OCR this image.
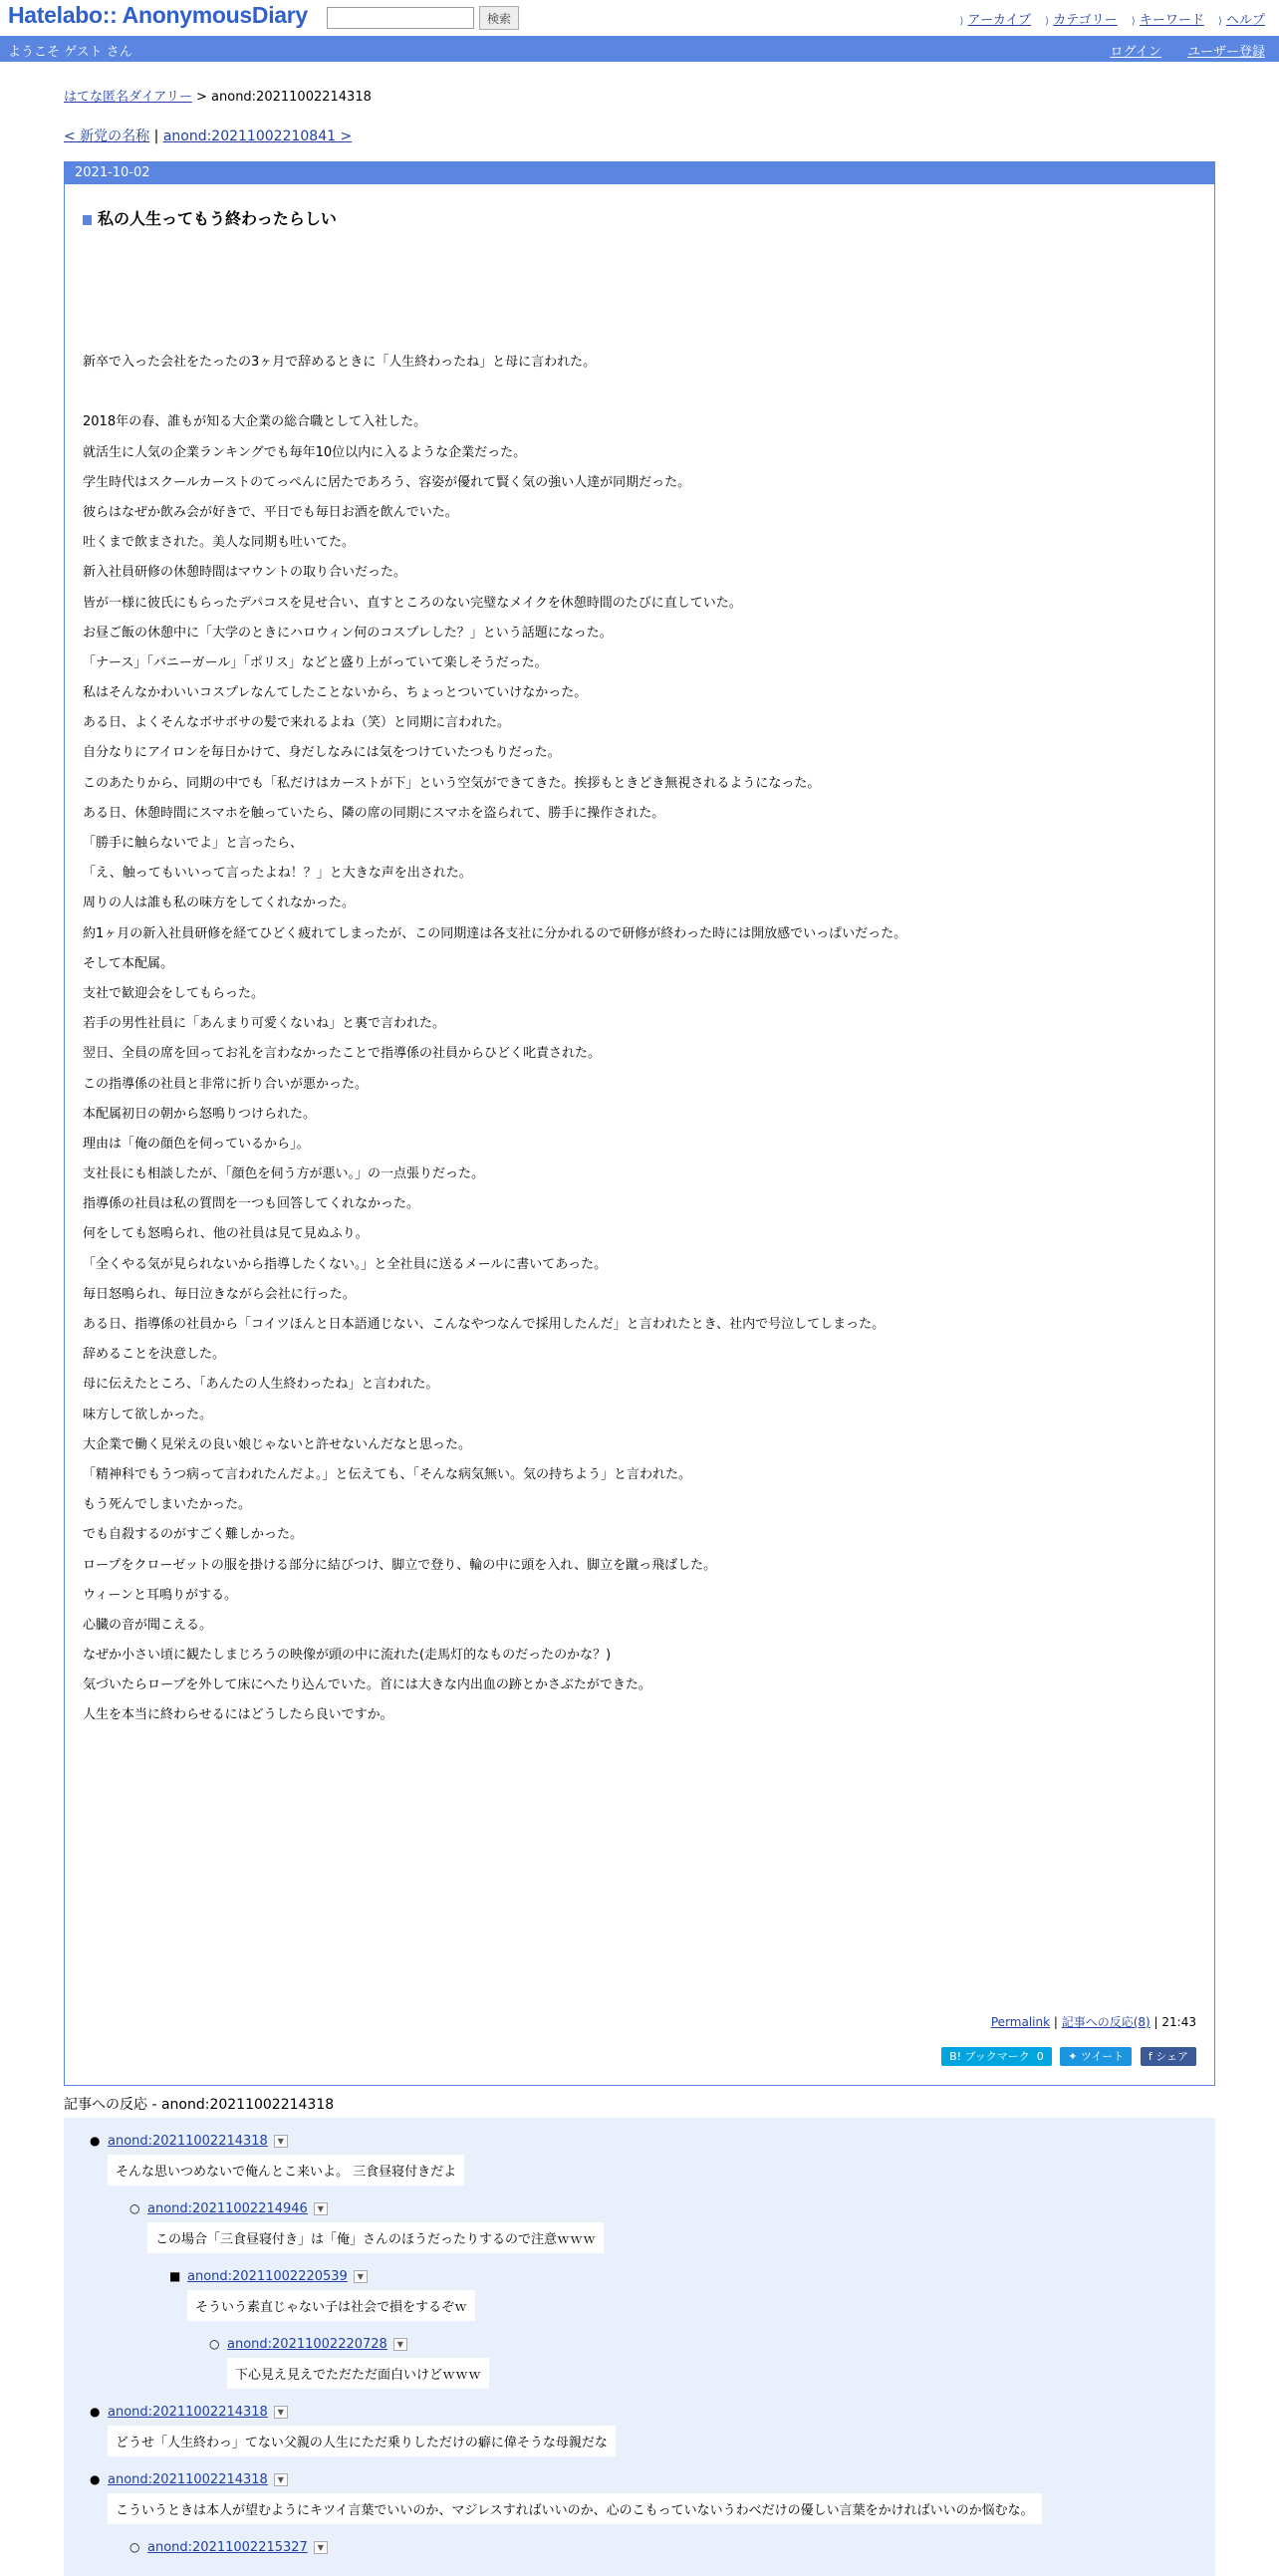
Hatelabo:: AnonymousDiary	検索	⟩ アーカイブ ⟩ カテゴリー ⟩ キーワード ⟩ ヘルプ
ようこそ ゲスト さん	ログイン ユーザー登録
はてな匿名ダイアリー > anond:20211002214318
< 新党の名称 | anond:20211002210841 >
2021-10-02
私の人生ってもう終わったらしい
新卒で入った会社をたったの3ヶ月で辞めるときに「人生終わったね」と母に言われた。
2018年の春、誰もが知る大企業の総合職として入社した。
就活生に人気の企業ランキングでも毎年10位以内に入るような企業だった。
学生時代はスクールカーストのてっぺんに居たであろう、容姿が優れて賢く気の強い人達が同期だった。
彼らはなぜか飲み会が好きで、平日でも毎日お酒を飲んでいた。
吐くまで飲まされた。美人な同期も吐いてた。
新入社員研修の休憩時間はマウントの取り合いだった。
皆が一様に彼氏にもらったデパコスを見せ合い、直すところのない完璧なメイクを休憩時間のたびに直していた。
お昼ご飯の休憩中に「大学のときにハロウィン何のコスプレした？」という話題になった。
「ナース」「バニーガール」「ポリス」などと盛り上がっていて楽しそうだった。
私はそんなかわいいコスプレなんてしたことないから、ちょっとついていけなかった。
ある日、よくそんなボサボサの髪で来れるよね（笑）と同期に言われた。
自分なりにアイロンを毎日かけて、身だしなみには気をつけていたつもりだった。
このあたりから、同期の中でも「私だけはカーストが下」という空気ができてきた。挨拶もときどき無視されるようになった。
ある日、休憩時間にスマホを触っていたら、隣の席の同期にスマホを盗られて、勝手に操作された。
「勝手に触らないでよ」と言ったら、
「え、触ってもいいって言ったよね！？」と大きな声を出された。
周りの人は誰も私の味方をしてくれなかった。
約1ヶ月の新入社員研修を経てひどく疲れてしまったが、この同期達は各支社に分かれるので研修が終わった時には開放感でいっぱいだった。
そして本配属。
支社で歓迎会をしてもらった。
若手の男性社員に「あんまり可愛くないね」と裏で言われた。
翌日、全員の席を回ってお礼を言わなかったことで指導係の社員からひどく叱責された。
この指導係の社員と非常に折り合いが悪かった。
本配属初日の朝から怒鳴りつけられた。
理由は「俺の顔色を伺っているから」。
支社長にも相談したが、「顔色を伺う方が悪い。」の一点張りだった。
指導係の社員は私の質問を一つも回答してくれなかった。
何をしても怒鳴られ、他の社員は見て見ぬふり。
「全くやる気が見られないから指導したくない。」と全社員に送るメールに書いてあった。
毎日怒鳴られ、毎日泣きながら会社に行った。
ある日、指導係の社員から「コイツほんと日本語通じない、こんなやつなんで採用したんだ」と言われたとき、社内で号泣してしまった。
辞めることを決意した。
母に伝えたところ、「あんたの人生終わったね」と言われた。
味方して欲しかった。
大企業で働く見栄えの良い娘じゃないと許せないんだなと思った。
「精神科でもうつ病って言われたんだよ。」と伝えても、「そんな病気無い。気の持ちよう」と言われた。
もう死んでしまいたかった。
でも自殺するのがすごく難しかった。
ロープをクローゼットの服を掛ける部分に結びつけ、脚立で登り、輪の中に頭を入れ、脚立を蹴っ飛ばした。
ウィーンと耳鳴りがする。
心臓の音が聞こえる。
なぜか小さい頃に観たしまじろうの映像が頭の中に流れた(走馬灯的なものだったのかな？)
気づいたらロープを外して床にへたり込んでいた。首には大きな内出血の跡とかさぶたができた。
人生を本当に終わらせるにはどうしたら良いですか。
Permalink | 記事への反応(8) | 21:43
B! ブックマーク 0 ✦ ツイート f シェア
記事への反応 - anond:20211002214318
● anond:20211002214318 ▼
そんな思いつめないで俺んとこ来いよ。 三食昼寝付きだよ
○ anond:20211002214946 ▼
この場合「三食昼寝付き」は「俺」さんのほうだったりするので注意ｗｗｗ
■ anond:20211002220539 ▼
そういう素直じゃない子は社会で損をするぞｗ
○ anond:20211002220728 ▼
下心見え見えでただただ面白いけどｗｗｗ
● anond:20211002214318 ▼
どうせ「人生終わっ」てない父親の人生にただ乗りしただけの癖に偉そうな母親だな
● anond:20211002214318 ▼
こういうときは本人が望むようにキツイ言葉でいいのか、マジレスすればいいのか、心のこもっていないうわべだけの優しい言葉をかければいいのか悩むな。
○ anond:20211002215327 ▼
